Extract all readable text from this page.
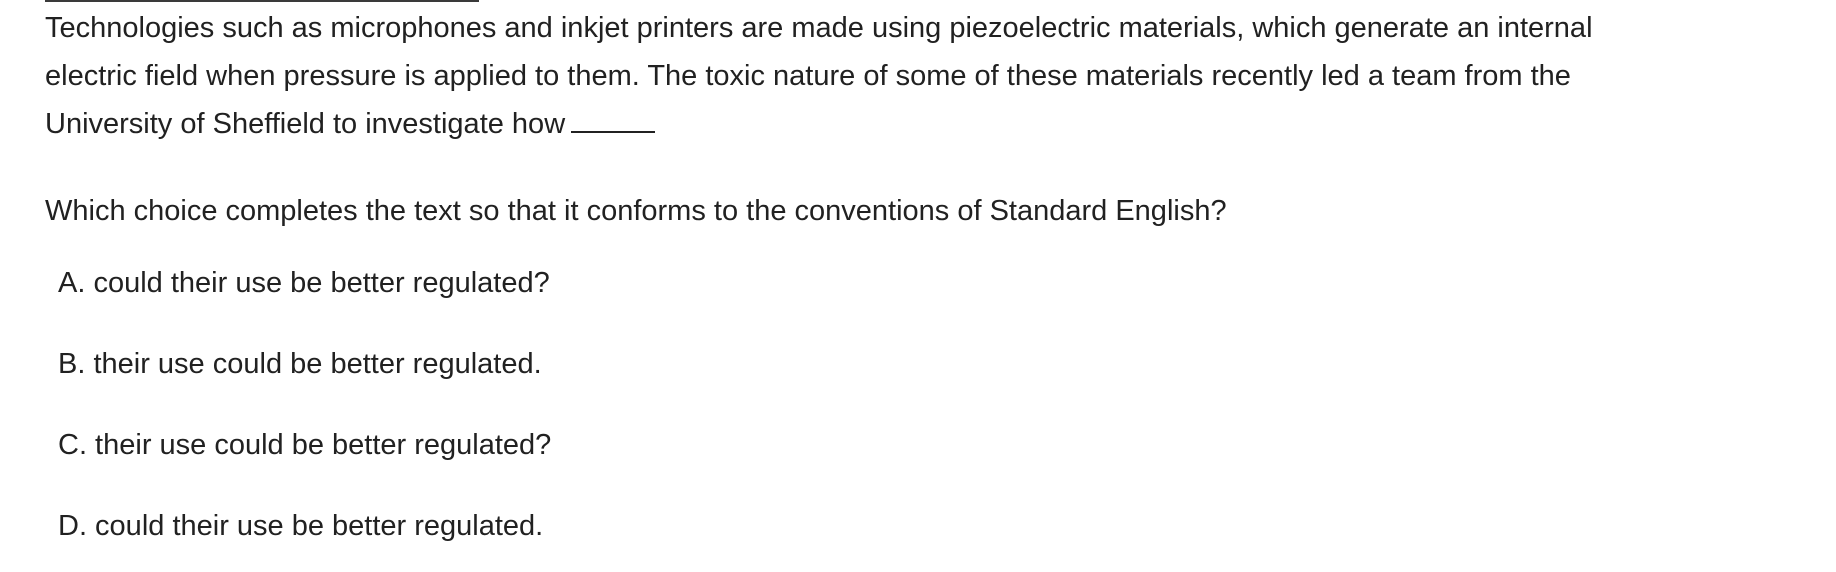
Technologies such as microphones and inkjet printers are made using piezoelectric materials, which generate an internal
electric field when pressure is applied to them. The toxic nature of some of these materials recently led a team from the
University of Sheffield to investigate how
Which choice completes the text so that it conforms to the conventions of Standard English?
A. could their use be better regulated?
B. their use could be better regulated.
C. their use could be better regulated?
D. could their use be better regulated.
